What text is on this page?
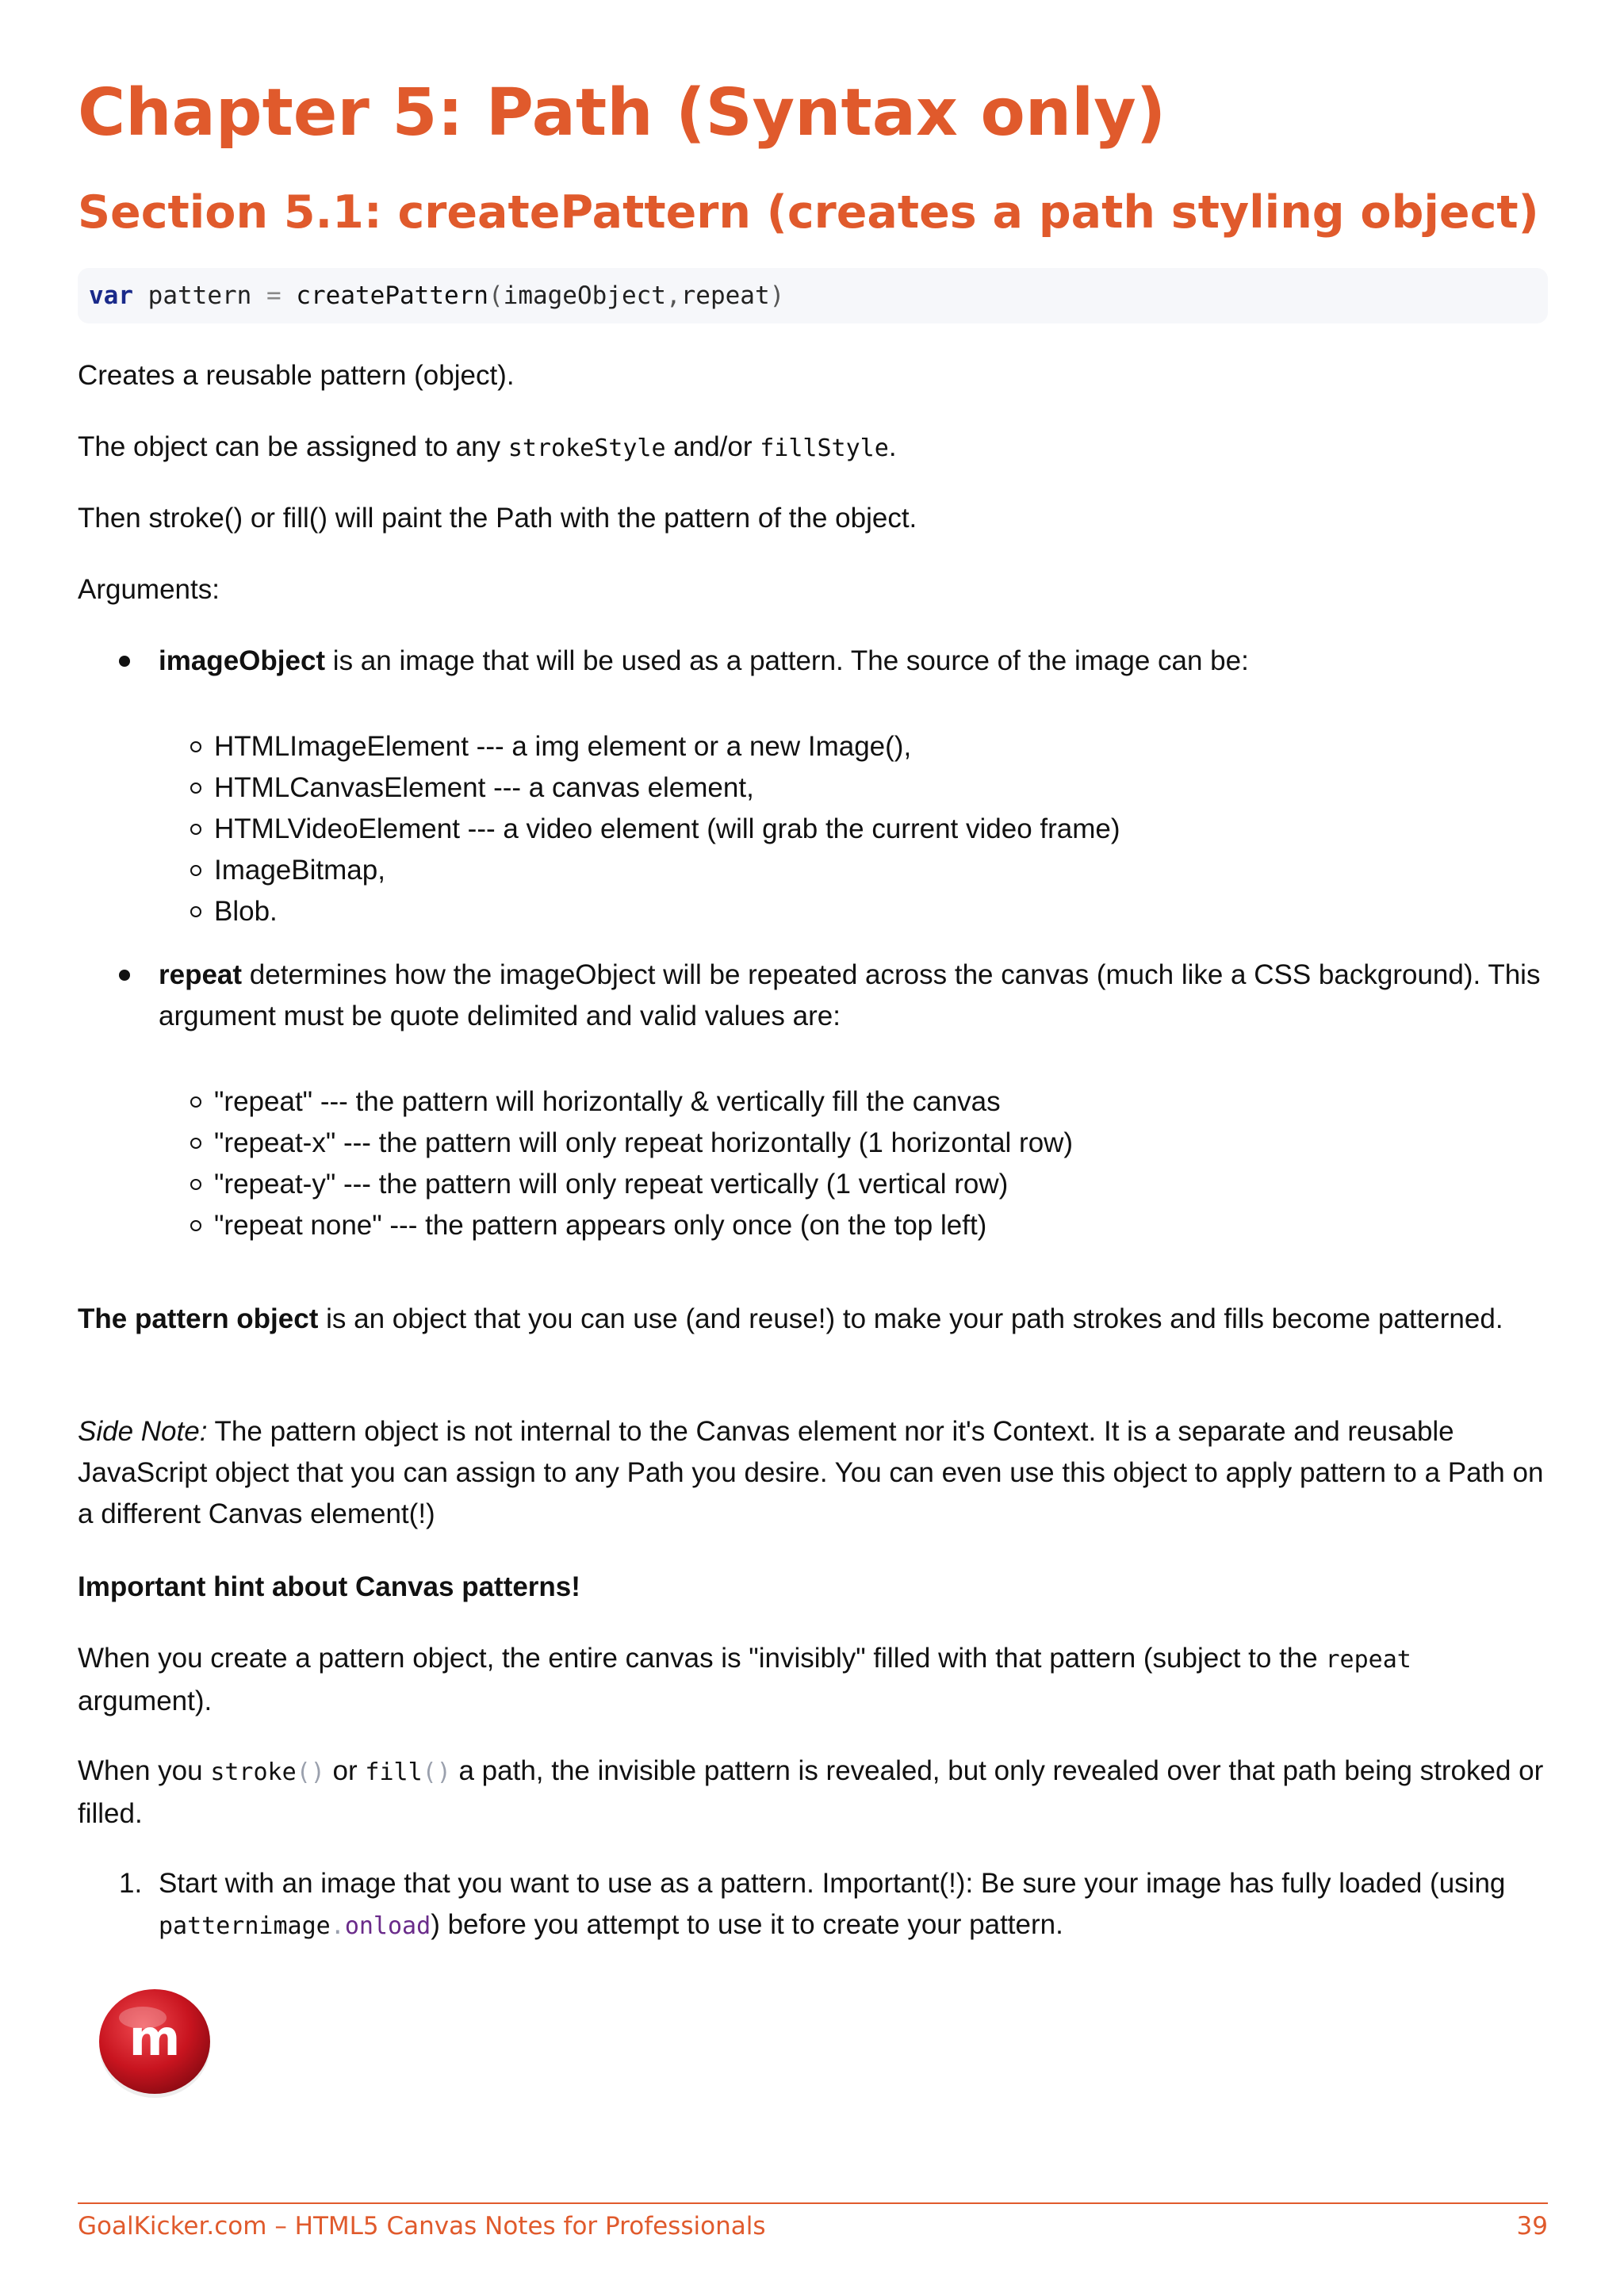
Chapter 5: Path (Syntax only)
Section 5.1: createPattern (creates a path styling object)
var pattern = createPattern(imageObject,repeat)

Creates a reusable pattern (object).

The object can be assigned to any strokeStyle and/or fillStyle.

Then stroke() or fill() will paint the Path with the pattern of the object.

Arguments:

imageObject is an image that will be used as a pattern. The source of the image can be:
HTMLImageElement --- a img element or a new Image(),
HTMLCanvasElement --- a canvas element,
HTMLVideoElement --- a video element (will grab the current video frame)
ImageBitmap,
Blob.
repeat determines how the imageObject will be repeated across the canvas (much like a CSS background). This argument must be quote delimited and valid values are:
"repeat" --- the pattern will horizontally & vertically fill the canvas
"repeat-x" --- the pattern will only repeat horizontally (1 horizontal row)
"repeat-y" --- the pattern will only repeat vertically (1 vertical row)
"repeat none" --- the pattern appears only once (on the top left)

The pattern object is an object that you can use (and reuse!) to make your path strokes and fills become patterned.

Side Note: The pattern object is not internal to the Canvas element nor it's Context. It is a separate and reusable JavaScript object that you can assign to any Path you desire. You can even use this object to apply pattern to a Path on a different Canvas element(!)

Important hint about Canvas patterns!

When you create a pattern object, the entire canvas is "invisibly" filled with that pattern (subject to the repeat argument).

When you stroke() or fill() a path, the invisible pattern is revealed, but only revealed over that path being stroked or filled.

1. Start with an image that you want to use as a pattern. Important(!): Be sure your image has fully loaded (using patternimage.onload) before you attempt to use it to create your pattern.
m
GoalKicker.com – HTML5 Canvas Notes for Professionals	39
